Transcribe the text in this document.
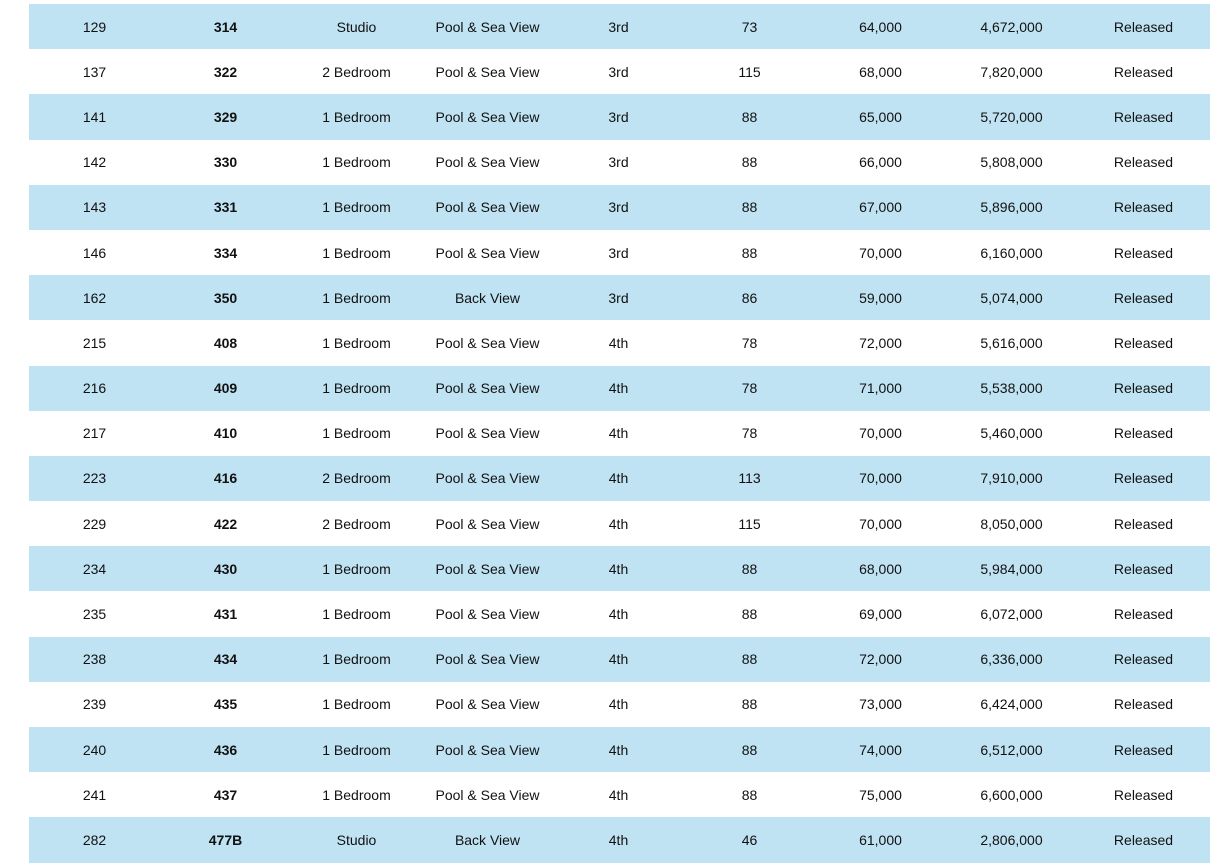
129	314	Studio	Pool & Sea View	3rd	73	64,000	4,672,000	Released
137	322	2 Bedroom	Pool & Sea View	3rd	115	68,000	7,820,000	Released
141	329	1 Bedroom	Pool & Sea View	3rd	88	65,000	5,720,000	Released
142	330	1 Bedroom	Pool & Sea View	3rd	88	66,000	5,808,000	Released
143	331	1 Bedroom	Pool & Sea View	3rd	88	67,000	5,896,000	Released
146	334	1 Bedroom	Pool & Sea View	3rd	88	70,000	6,160,000	Released
162	350	1 Bedroom	Back View	3rd	86	59,000	5,074,000	Released
215	408	1 Bedroom	Pool & Sea View	4th	78	72,000	5,616,000	Released
216	409	1 Bedroom	Pool & Sea View	4th	78	71,000	5,538,000	Released
217	410	1 Bedroom	Pool & Sea View	4th	78	70,000	5,460,000	Released
223	416	2 Bedroom	Pool & Sea View	4th	113	70,000	7,910,000	Released
229	422	2 Bedroom	Pool & Sea View	4th	115	70,000	8,050,000	Released
234	430	1 Bedroom	Pool & Sea View	4th	88	68,000	5,984,000	Released
235	431	1 Bedroom	Pool & Sea View	4th	88	69,000	6,072,000	Released
238	434	1 Bedroom	Pool & Sea View	4th	88	72,000	6,336,000	Released
239	435	1 Bedroom	Pool & Sea View	4th	88	73,000	6,424,000	Released
240	436	1 Bedroom	Pool & Sea View	4th	88	74,000	6,512,000	Released
241	437	1 Bedroom	Pool & Sea View	4th	88	75,000	6,600,000	Released
282	477B	Studio	Back View	4th	46	61,000	2,806,000	Released
